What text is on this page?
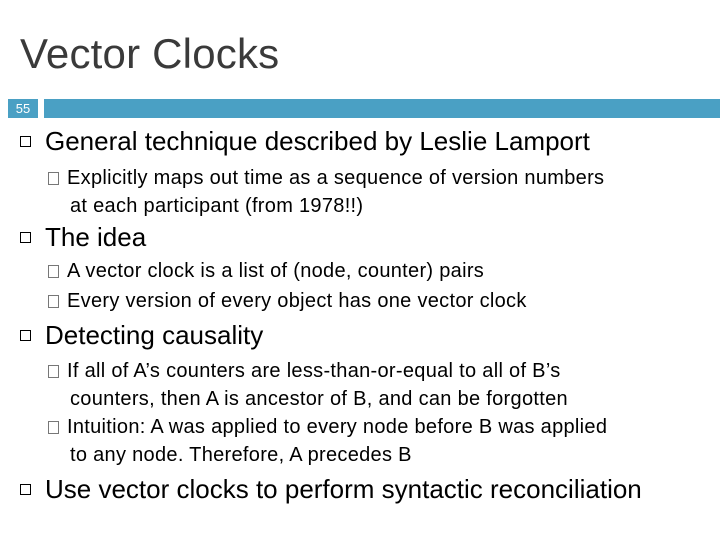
Vector Clocks
55
General technique described by Leslie Lamport
Explicitly maps out time as a sequence of version numbers
at each participant (from 1978!!)
The idea
A vector clock is a list of (node, counter) pairs
Every version of every object has one vector clock
Detecting causality
If all of A’s counters are less-than-or-equal to all of B’s
counters, then A is ancestor of B, and can be forgotten
Intuition: A was applied to every node before B was applied
to any node. Therefore, A precedes B
Use vector clocks to perform syntactic reconciliation
